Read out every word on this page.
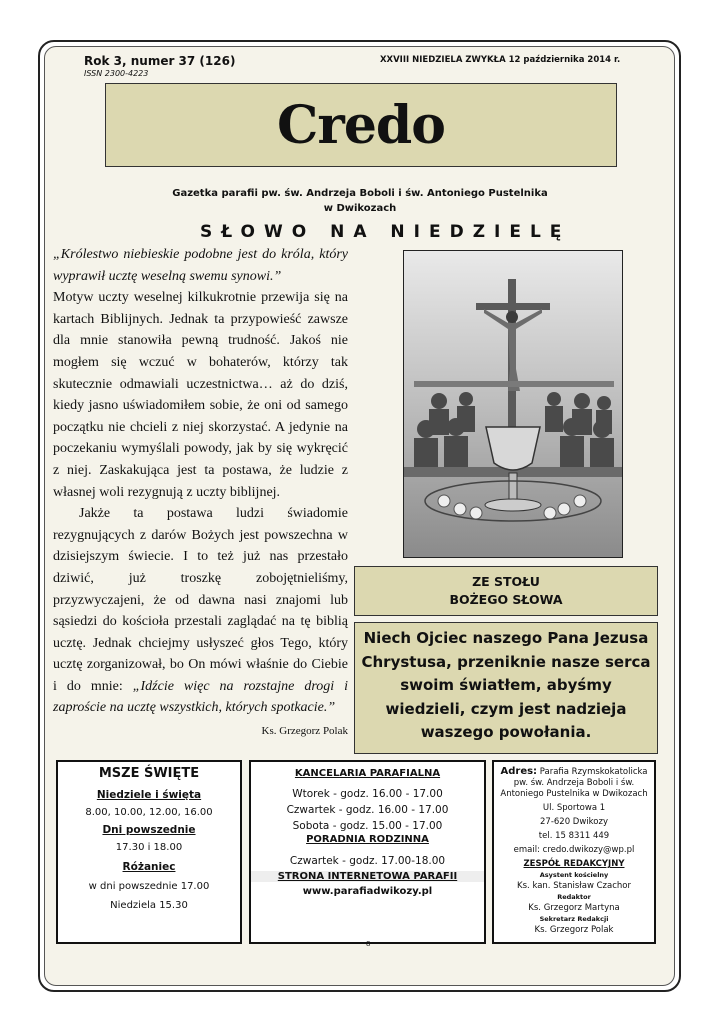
Rok 3, numer 37 (126)
ISSN 2300-4223
XXVIII NIEDZIELA ZWYKŁA 12 października 2014 r.
Credo
Gazetka parafii pw. św. Andrzeja Boboli i św. Antoniego Pustelnika
w Dwikozach
SŁOWO NA NIEDZIELĘ

„Królestwo niebieskie podobne jest do króla, który wyprawił ucztę weselną swemu synowi.”

Motyw uczty weselnej kilkukrotnie przewija się na kartach Biblijnych. Jednak ta przypowieść zawsze dla mnie stanowiła pewną trudność. Jakoś nie mogłem się wczuć w bohaterów, którzy tak skutecznie odmawiali uczestnictwa… aż do dziś, kiedy jasno uświadomiłem sobie, że oni od samego początku nie chcieli z niej skorzystać. A jedynie na poczekaniu wymyślali powody, jak by się wykręcić z niej. Zaskakująca jest ta postawa, że ludzie z własnej woli rezygnują z uczty biblijnej.

Jakże ta postawa ludzi świadomie rezygnujących z darów Bożych jest powszechna w dzisiejszym świecie. I to też już nas przestało dziwić, już troszkę zobojętnieliśmy, przyzwyczajeni, że od dawna nasi znajomi lub sąsiedzi do kościoła przestali zaglądać na tę biblią ucztę. Jednak chciejmy usłyszeć głos Tego, który ucztę zorganizował, bo On mówi właśnie do Ciebie i do mnie: „Idźcie więc na rozstajne drogi i zaproście na ucztę wszystkich, których spotkacie.”

Ks. Grzegorz Polak

ZE STOŁU
BOŻEGO SŁOWA
Niech Ojciec naszego Pana Jezusa Chrystusa, przeniknie nasze serca swoim światłem, abyśmy wiedzieli, czym jest nadzieja waszego powołania.
MSZE ŚWIĘTE
Niedziele i święta
8.00, 10.00, 12.00, 16.00
Dni powszednie
17.30 i 18.00
Różaniec
w dni powszednie 17.00
Niedziela 15.30
KANCELARIA PARAFIALNA
Wtorek - godz. 16.00 - 17.00
Czwartek - godz. 16.00 - 17.00
Sobota - godz. 15.00 - 17.00
PORADNIA RODZINNA
Czwartek - godz. 17.00-18.00
STRONA INTERNETOWA PARAFII
www.parafiadwikozy.pl
Adres: Parafia Rzymskokatolicka
pw. św. Andrzeja Boboli i św.
Antoniego Pustelnika w Dwikozach
Ul. Sportowa 1
27-620 Dwikozy
tel. 15 8311 449
email: credo.dwikozy@wp.pl
ZESPÓŁ REDAKCYJNY
Asystent kościelny
Ks. kan. Stanisław Czachor
Redaktor
Ks. Grzegorz Martyna
Sekretarz Redakcji
Ks. Grzegorz Polak
8
